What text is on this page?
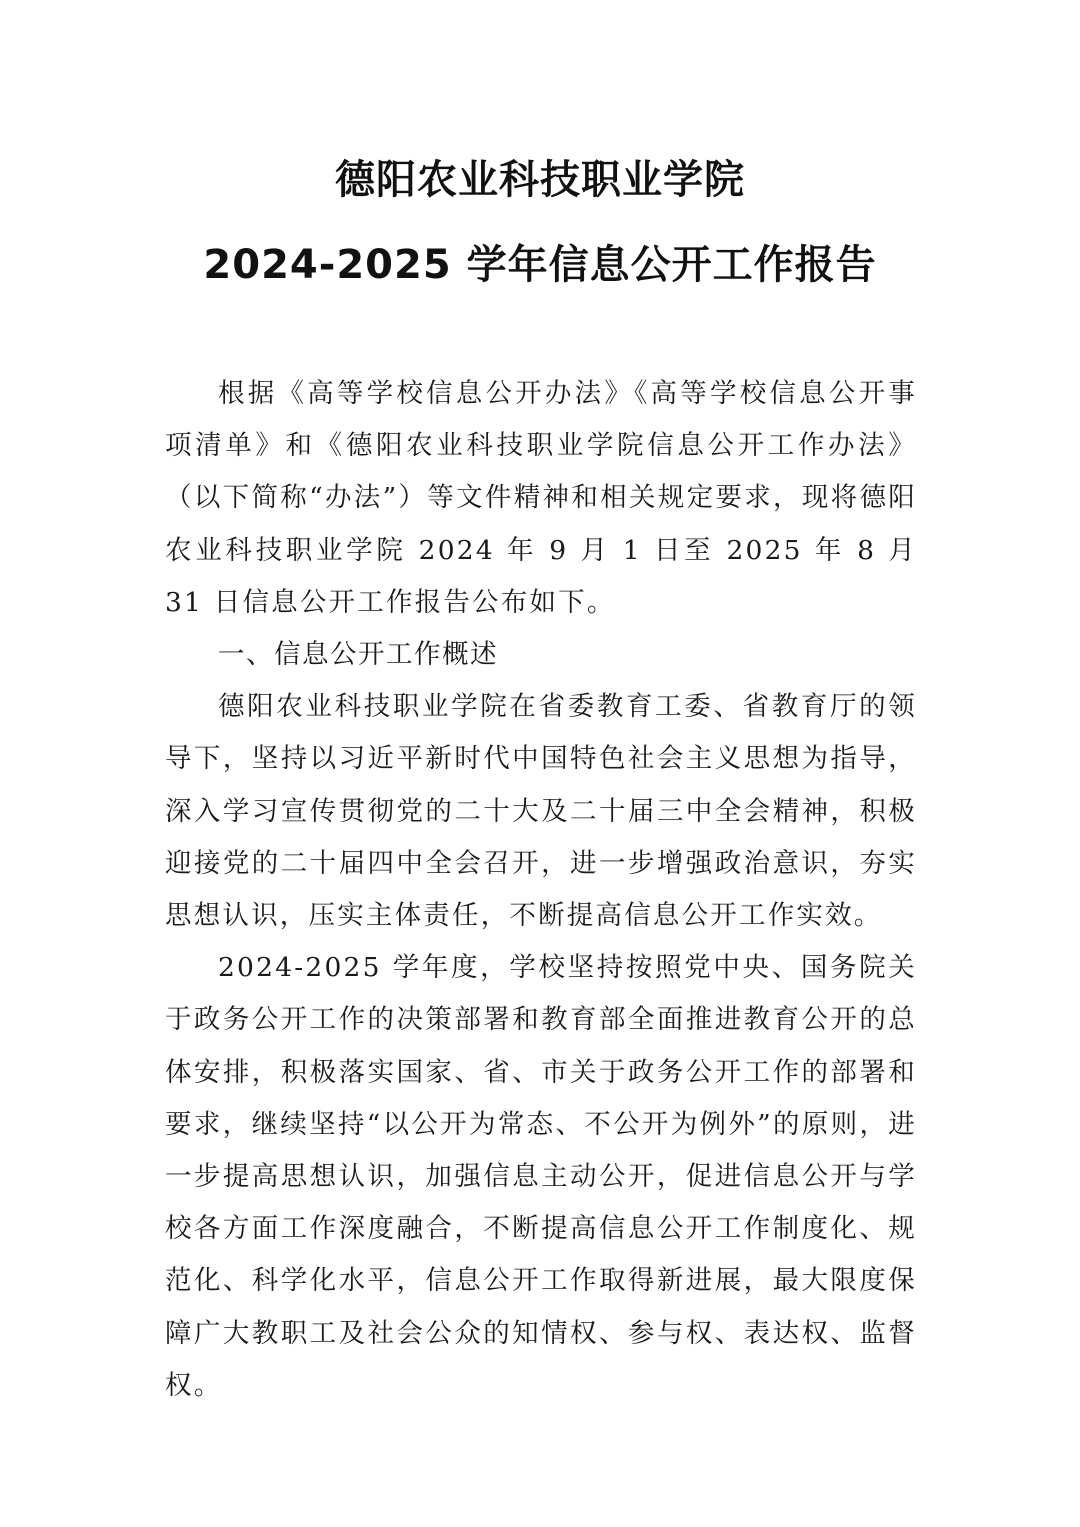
德阳农业科技职业学院
2024-2025 学年信息公开工作报告

根据《高等学校信息公开办法》《高等学校信息公开事项清单》和《德阳农业科技职业学院信息公开工作办法》（以下简称“办法”）等文件精神和相关规定要求，现将德阳农业科技职业学院 2024 年 9 月 1 日至 2025 年 8 月 31 日信息公开工作报告公布如下。

一、信息公开工作概述

德阳农业科技职业学院在省委教育工委、省教育厅的领导下，坚持以习近平新时代中国特色社会主义思想为指导，深入学习宣传贯彻党的二十大及二十届三中全会精神，积极迎接党的二十届四中全会召开，进一步增强政治意识，夯实思想认识，压实主体责任，不断提高信息公开工作实效。

2024-2025 学年度，学校坚持按照党中央、国务院关于政务公开工作的决策部署和教育部全面推进教育公开的总体安排，积极落实国家、省、市关于政务公开工作的部署和要求，继续坚持“以公开为常态、不公开为例外”的原则，进一步提高思想认识，加强信息主动公开，促进信息公开与学校各方面工作深度融合，不断提高信息公开工作制度化、规范化、科学化水平，信息公开工作取得新进展，最大限度保障广大教职工及社会公众的知情权、参与权、表达权、监督权。
